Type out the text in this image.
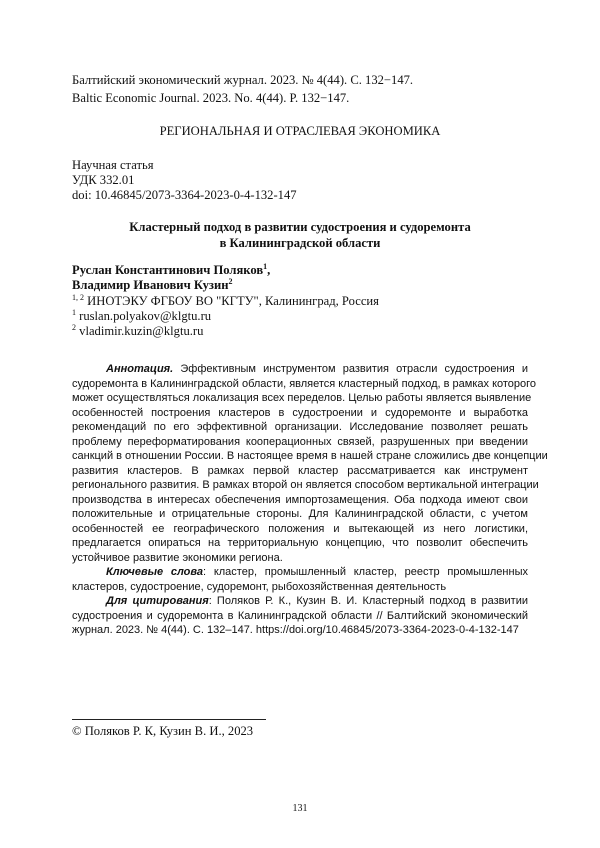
Балтийский экономический журнал. 2023. № 4(44). С. 132−147.
Baltic Economic Journal. 2023. No. 4(44). Р. 132−147.
РЕГИОНАЛЬНАЯ И ОТРАСЛЕВАЯ ЭКОНОМИКА
Научная статья
УДК 332.01
doi: 10.46845/2073-3364-2023-0-4-132-147
Кластерный подход в развитии судостроения и судоремонта
в Калининградской области
Руслан Константинович Поляков$^1$,
Владимир Иванович Кузин$^2$
$^{1, 2}$ ИНОТЭКУ ФГБОУ ВО "КГТУ", Калининград, Россия
$^1$ ruslan.polyakov@klgtu.ru
$^2$ vladimir.kuzin@klgtu.ru
Аннотация. Эффективным инструментом развития отрасли судостроения и
судоремонта в Калининградской области, является кластерный подход, в рамках которого
может осуществляться локализация всех переделов. Целью работы является выявление
особенностей построения кластеров в судостроении и судоремонте и выработка
рекомендаций по его эффективной организации. Исследование позволяет решать
проблему переформатирования кооперационных связей, разрушенных при введении
санкций в отношении России. В настоящее время в нашей стране сложились две концепции
развития кластеров. В рамках первой кластер рассматривается как инструмент
регионального развития. В рамках второй он является способом вертикальной интеграции
производства в интересах обеспечения импортозамещения. Оба подхода имеют свои
положительные и отрицательные стороны. Для Калининградской области, с учетом
особенностей ее географического положения и вытекающей из него логистики,
предлагается опираться на территориальную концепцию, что позволит обеспечить
устойчивое развитие экономики региона.
Ключевые слова: кластер, промышленный кластер, реестр промышленных
кластеров, судостроение, судоремонт, рыбохозяйственная деятельность
Для цитирования: Поляков Р. К., Кузин В. И. Кластерный подход в развитии
судостроения и судоремонта в Калининградской области // Балтийский экономический
журнал. 2023. № 4(44). С. 132–147. https://doi.org/10.46845/2073-3364-2023-0-4-132-147
© Поляков Р. К, Кузин В. И., 2023
131
